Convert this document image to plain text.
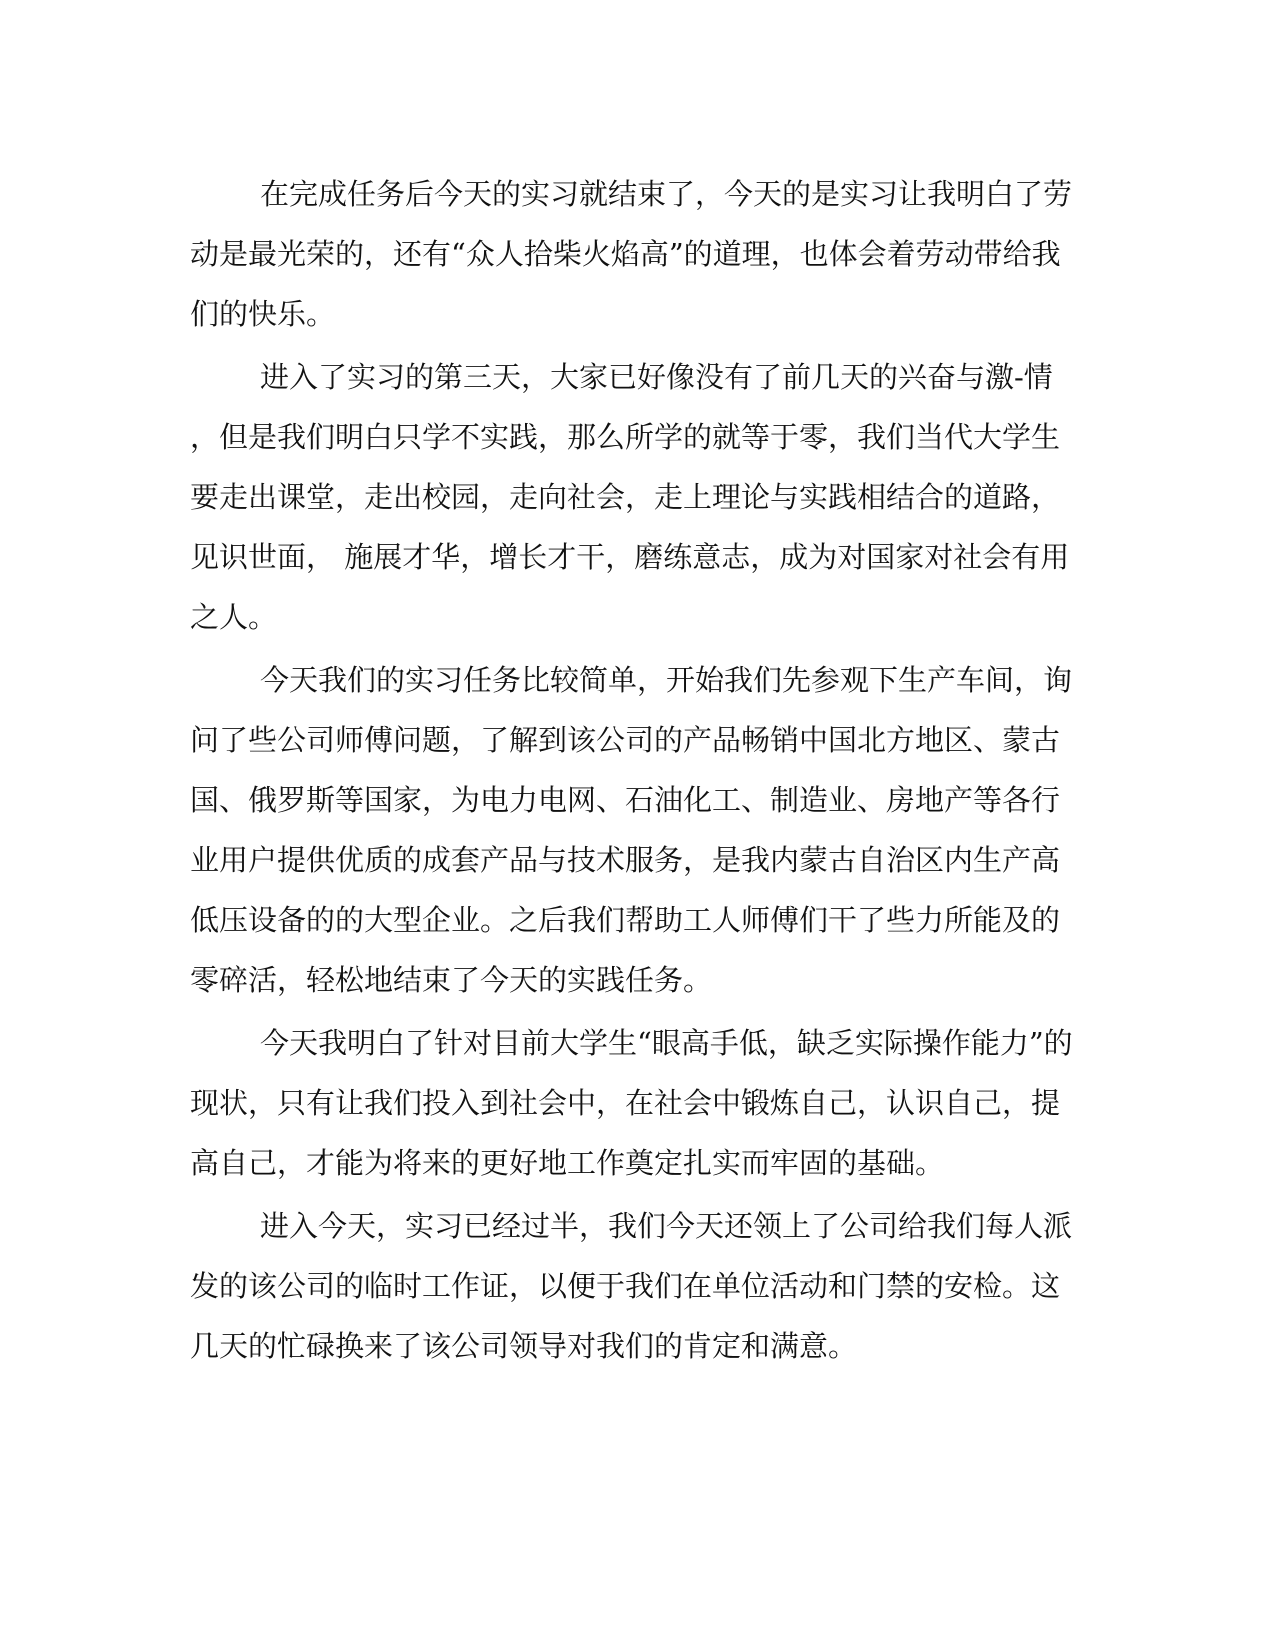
在完成任务后今天的实习就结束了，今天的是实习让我明白了劳
动是最光荣的，还有“众人拾柴火焰高”的道理，也体会着劳动带给我
们的快乐。

进入了实习的第三天，大家已好像没有了前几天的兴奋与激-情
，但是我们明白只学不实践，那么所学的就等于零，我们当代大学生
要走出课堂，走出校园，走向社会，走上理论与实践相结合的道路，
见识世面， 施展才华，增长才干，磨练意志，成为对国家对社会有用
之人。

今天我们的实习任务比较简单，开始我们先参观下生产车间，询
问了些公司师傅问题，了解到该公司的产品畅销中国北方地区、蒙古
国、俄罗斯等国家，为电力电网、石油化工、制造业、房地产等各行
业用户提供优质的成套产品与技术服务，是我内蒙古自治区内生产高
低压设备的的大型企业。之后我们帮助工人师傅们干了些力所能及的
零碎活，轻松地结束了今天的实践任务。

今天我明白了针对目前大学生“眼高手低，缺乏实际操作能力”的
现状，只有让我们投入到社会中，在社会中锻炼自己，认识自己，提
高自己，才能为将来的更好地工作奠定扎实而牢固的基础。

进入今天，实习已经过半，我们今天还领上了公司给我们每人派
发的该公司的临时工作证，以便于我们在单位活动和门禁的安检。这
几天的忙碌换来了该公司领导对我们的肯定和满意。
